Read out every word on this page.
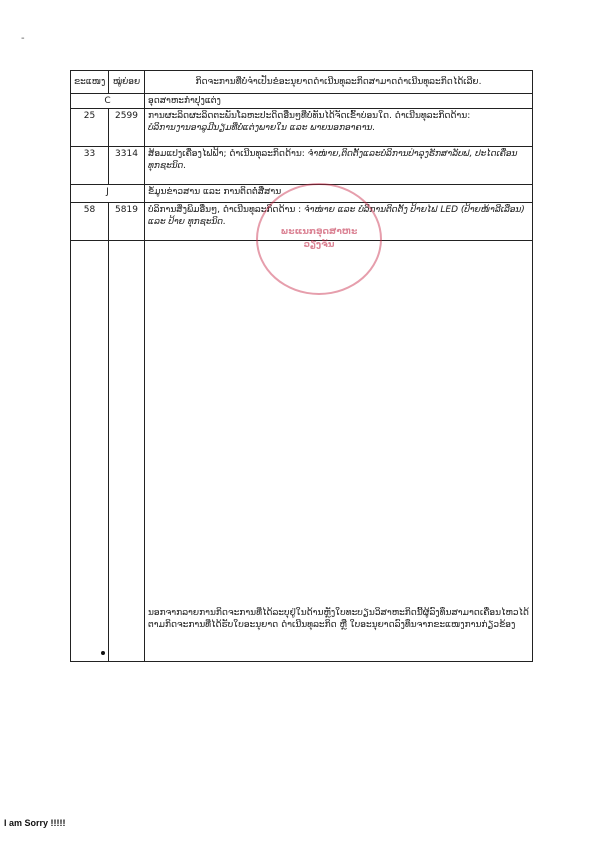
-
ຂະແໜງ	ໝູ່ຍ່ອຍ	ກິດຈະການທີ່ບໍ່ຈຳເປັນຂໍອະນຸຍາດດຳເນີນທຸລະກິດສາມາດດຳເນີນທຸລະກິດໄດ້ເລີຍ.
C		ອຸດສາຫະກຳປຸງແຕ່ງ
25	2599	ການຜະລິດຜະລິດຕະພັນໂລຫະປະດິດອື່ນໆທີ່ບໍ່ທັນໄດ້ຈັດເຂົ້າບ່ອນໃດ. ດຳເນີນທຸລະກິດດ້ານ:
ບໍລິການງານອາລູມີນຽມທີ່ບໍ່ແຕ່ງພາຍໃນ ແລະ ພາຍນອກອາຄານ.
33	3314	ສ້ອມແປງເຄື່ອງໄຟຟ້າ; ດຳເນີນທຸລະກິດດ້ານ: ຈຳໜ່າຍ,ຕິດຕັ້ງແລະບໍລິການປ່າລຸງຮັກສາລັບຟ, ປະໄດເຄື່ອນທຸກຊະນິດ.
J		ຂໍ້ມູນຂ່າວສານ ແລະ ການຕິດຕໍ່ສື່ສານ
58	5819	ບໍລິການສິ່ງພິມອື່ນໆ, ດຳເນີນທຸລະກິດດ້ານ : ຈຳໜ່າຍ ແລະ ບໍລິການຕິດຕັ້ງ ປ້າຍໄຟ LED (ປ້າຍໜ້າລີເລືອນ) ແລະ ປ້າຍ ທຸກຊະນິດ.
		ນອກຈາກລາຍການກິດຈະການທີ່ໄດ້ລະບຸຢູ່ໃນດ້ານຫຼັງໃບທະບຽນວິສາຫະກິດນີ້ຜູ້ລົງທຶນສາມາດເຄື່ອນໄຫວໄດ້ຕາມກິດຈະການທີ່ໄດ້ຮັບໃບອະນຸຍາດ ດຳເນີນທຸລະກິດ ຫຼື ໃບອະນຸຍາດລົງທຶນຈາກຂະແໜງການກ່ຽວຂ້ອງ
ພະແນກອຸດສາຫະ
ວຽງຈັນ
I am Sorry !!!!!
